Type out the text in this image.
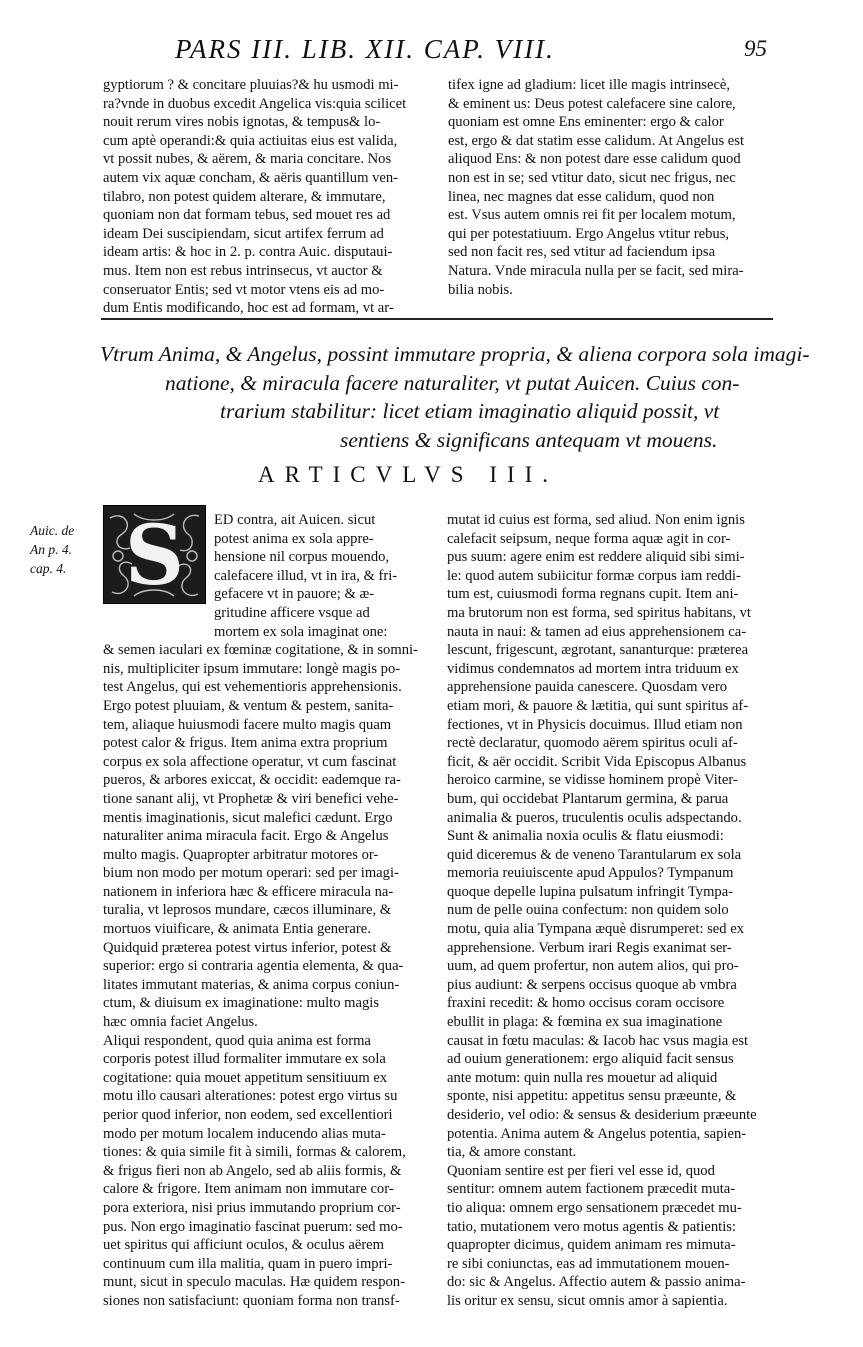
PARS III. LIB. XII. CAP. VIII.	95
gyptiorum ? & concitare pluuias?& hu usmodi mi-
ra?vnde in duobus excedit Angelica vis:quia scilicet
nouit rerum vires nobis ignotas, & tempus& lo-
cum aptè operandi:& quia actiuitas eius est valida,
vt possit nubes, & aërem, & maria concitare. Nos
autem vix aquæ concham, & aëris quantillum ven-
tilabro, non potest quidem alterare, & immutare,
quoniam non dat formam tebus, sed mouet res ad
ideam Dei suscipiendam, sicut artifex ferrum ad
ideam artis: & hoc in 2. p. contra Auic. disputaui-
mus. Item non est rebus intrinsecus, vt auctor &
conseruator Entis; sed vt motor vtens eis ad mo-
dum Entis modificando, hoc est ad formam, vt ar-
tifex igne ad gladium: licet ille magis intrinsecè,
& eminent us: Deus potest calefacere sine calore,
quoniam est omne Ens eminenter: ergo & calor
est, ergo & dat statim esse calidum. At Angelus est
aliquod Ens: & non potest dare esse calidum quod
non est in se; sed vtitur dato, sicut nec frigus, nec
linea, nec magnes dat esse calidum, quod non
est. Vsus autem omnis rei fit per localem motum,
qui per potestatiuum. Ergo Angelus vtitur rebus,
sed non facit res, sed vtitur ad faciendum ipsa
Natura. Vnde miracula nulla per se facit, sed mira-
bilia nobis.
Vtrum Anima, & Angelus, possint immutare propria, & aliena corpora sola imagi-
natione, & miracula facere naturaliter, vt putat Auicen. Cuius con-
trarium stabilitur: licet etiam imaginatio aliquid possit, vt
sentiens & significans antequam vt mouens.
ARTICVLVS III.
Auic. de
An p. 4.
cap. 4. S	ED contra, ait Auicen. sicut
potest anima ex sola appre-
hensione nil corpus mouendo,
calefacere illud, vt in ira, & fri-
gefacere vt in pauore; & æ-
gritudine afficere vsque ad
mortem ex sola imaginat one:
& semen iaculari ex fœminæ cogitatione, & in somni-
nis, multipliciter ipsum immutare: longè magis po-
test Angelus, qui est vehementioris apprehensionis.
Ergo potest pluuiam, & ventum & pestem, sanita-
tem, aliaque huiusmodi facere multo magis quam
potest calor & frigus. Item anima extra proprium
corpus ex sola affectione operatur, vt cum fascinat
pueros, & arbores exiccat, & occidit: eademque ra-
tione sanant alij, vt Prophetæ & viri benefici vehe-
mentis imaginationis, sicut malefici cædunt. Ergo
naturaliter anima miracula facit. Ergo & Angelus
multo magis. Quapropter arbitratur motores or-
bium non modo per motum operari: sed per imagi-
nationem in inferiora hæc & efficere miracula na-
turalia, vt leprosos mundare, cæcos illuminare, &
mortuos viuificare, & animata Entia generare.
Quidquid præterea potest virtus inferior, potest &
superior: ergo si contraria agentia elementa, & qua-
litates immutant materias, & anima corpus coniun-
ctum, & diuisum ex imaginatione: multo magis
hæc omnia faciet Angelus.
Aliqui respondent, quod quia anima est forma
corporis potest illud formaliter immutare ex sola
cogitatione: quia mouet appetitum sensitiuum ex
motu illo causari alterationes: potest ergo virtus su
perior quod inferior, non eodem, sed excellentiori
modo per motum localem inducendo alias muta-
tiones: & quia simile fit à simili, formas & calorem,
& frigus fieri non ab Angelo, sed ab aliis formis, &
calore & frigore. Item animam non immutare cor-
pora exteriora, nisi prius immutando proprium cor-
pus. Non ergo imaginatio fascinat puerum: sed mo-
uet spiritus qui afficiunt oculos, & oculus aërem
continuum cum illa malitia, quam in puero impri-
munt, sicut in speculo maculas. Hæ quidem respon-
siones non satisfaciunt: quoniam forma non transf-
mutat id cuius est forma, sed aliud. Non enim ignis
calefacit seipsum, neque forma aquæ agit in cor-
pus suum: agere enim est reddere aliquid sibi simi-
le: quod autem subiicitur formæ corpus iam reddi-
tum est, cuiusmodi forma regnans cupit. Item ani-
ma brutorum non est forma, sed spiritus habitans, vt
nauta in naui: & tamen ad eius apprehensionem ca-
lescunt, frigescunt, ægrotant, sananturque: præterea
vidimus condemnatos ad mortem intra triduum ex
apprehensione pauida canescere. Quosdam vero
etiam mori, & pauore & lætitia, qui sunt spiritus af-
fectiones, vt in Physicis docuimus. Illud etiam non
rectè declaratur, quomodo aërem spiritus oculi af-
ficit, & aër occidit. Scribit Vida Episcopus Albanus
heroico carmine, se vidisse hominem propè Viter-
bum, qui occidebat Plantarum germina, & parua
animalia & pueros, truculentis oculis adspectando.
Sunt & animalia noxia oculis & flatu eiusmodi:
quid diceremus & de veneno Tarantularum ex sola
memoria reuiuiscente apud Appulos? Tympanum
quoque depelle lupina pulsatum infringit Tympa-
num de pelle ouina confectum: non quidem solo
motu, quia alia Tympana æquè disrumperet: sed ex
apprehensione. Verbum irari Regis exanimat ser-
uum, ad quem profertur, non autem alios, qui pro-
pius audiunt: & serpens occisus quoque ab vmbra
fraxini recedit: & homo occisus coram occisore
ebullit in plaga: & fœmina ex sua imaginatione
causat in fœtu maculas: & Iacob hac vsus magia est
ad ouium generationem: ergo aliquid facit sensus
ante motum: quin nulla res mouetur ad aliquid
sponte, nisi appetitu: appetitus sensu præeunte, &
desiderio, vel odio: & sensus & desiderium præeunte
potentia. Anima autem & Angelus potentia, sapien-
tia, & amore constant.
Quoniam sentire est per fieri vel esse id, quod
sentitur: omnem autem factionem præcedit muta-
tio aliqua: omnem ergo sensationem præcedet mu-
tatio, mutationem vero motus agentis & patientis:
quapropter dicimus, quidem animam res mimuta-
re sibi coniunctas, eas ad immutationem mouen-
do: sic & Angelus. Affectio autem & passio anima-
lis oritur ex sensu, sicut omnis amor à sapientia.
